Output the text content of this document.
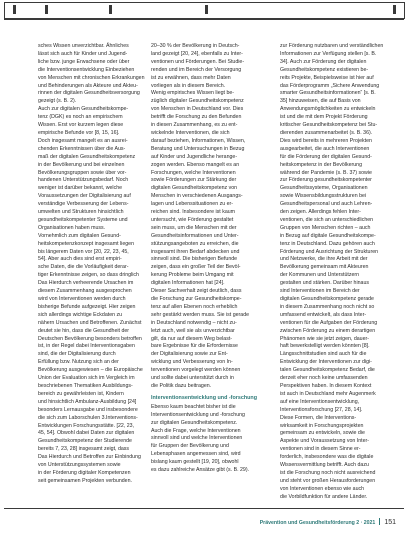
sches Wissen unverzichtbar. Ähnliches
lässt sich auch für Kinder und Jugend-
liche bzw. junge Erwachsene oder über
die Interventionsentwicklung Einbeziehen
von Menschen mit chronischen Erkrankungen
und Behinderungen als Akteure und Akteu-
rinnen der digitalen Gesundheitsversorgung
gezeigt (s. B. 2).
Auch zur digitalen Gesundheitskompe-
tenz (DGK) es noch an empirischem
Wissen. Erst vor kurzem legen diese
empirische Befunde vor [8, 15, 16].
Doch insgesamt mangelt es an ausrei-
chenden Erkenntnissen über die Aus-
maß der digitalen Gesundheitskompetenz
in der Bevölkerung und bei einzelnen
Bevölkerungsgruppen sowie über vor-
handenen Unterstützungsbedarf. Noch
weniger ist darüber bekannt, welche
Voraussetzungen der Digitalisierung auf
verständige Verbesserung der Lebens-
umwelten und Strukturen hinsichtlich
gesundheitskompetenter Systeme und
Organisationen haben muss.
Vornehmlich zum digitalen Gesund-
heitskompetenzkonzept insgesamt liegen
bis längerem Daten vor [20, 22, 23, 45,
54]. Aber auch dies sind erst empiri-
sche Daten, die die Vorläufigkeit derar-
tiger Erkenntnisse zeigen, so dass dringlich
Das Hierdurch verheerende Ursachen im
diesem Zusammenhang ausgesprochen
wird von Interventionen werden durch
bisherige Befunde aufgezeigt. Hier zeigen
sich allerdings wichtige Eckdaten zu
nähern Ursachen und Betroffenen. Zunächst
deutet sie hin, dass die Gesundheit der
Deutschen Bevölkerung besonders betroffen
ist, in der Regel dabei Interventionsgaben
sind, die der Digitalisierung durch
Erfüllung bzw. Nutzung sich an der
Bevölkerung ausgewiesen – die Europäische
Union der Evaluation sich im Vergleich im
beschriebenen Thematiken Ausbildungs-
bereich zu gewährleisten ist, Kindern
und hinsichtlich Ambulanz-Ausbildung [24]
besonders Lernausgabe und insbesondere
die sich zum Laborschulen 3.Interventions-
Entwicklungen Forschungsstätte. [22, 23,
45, 54]. Obwohl dabei Daten zur digitalen
Gesundheitskompetenz der Studierende
bereits 7, 23, 28] insgesamt zeigt, dass
Das Hierdurch und Betroffen zur Einbindung
von Unterstützungssystemen sowie
in der Förderung digitaler Kompetenzen
seit gemeinsamen Projekten verbunden.

20–30 % der Bevölkerung in Deutsch-
land gezeigt [20, 24], ebenfalls zu Inter-
ventionen und Förderungen. Bei Studie-
renden und im Bereich der Versorgung
ist zu erwähnen, dass mehr Daten
vorliegen als in diesem Bereich.

Wenig empirisches Wissen liegt be-
züglich digitaler Gesundheitskompetenz
von Menschen in Deutschland vor. Dies
betrifft die Forschung zu den Befunden
in diesen Zusammenhang, es zu ent-
wickelnde Interventionen, die sich
darauf beziehen, Informationen, Wissen,
Beratung und Untersuchungen in Bezug
auf Kinder und Jugendliche herange-
zogen werden. Ebenso mangelt es an
Forschungen, welche Interventionen
sowie Förderungen zur Stärkung der
digitalen Gesundheitskompetenz von
Menschen in verschiedenen Ausgangs-
lagen und Lebenssituationen zu er-
reichen sind. Insbesondere ist kaum
untersucht, wie Förderung gestaltet
sein muss, um die Menschen mit der
Gesundheitsinformationen und Unter-
stützungsangeboten zu erreichen, die
insgesamt ihren Bedarf abdecken und
sinnvoll sind. Die bisherigen Befunde
zeigen, dass ein großer Teil der Bevöl-
kerung Probleme beim Umgang mit
digitalen Informationen hat [24].

Dieser Sachverhalt zeigt deutlich, dass
die Forschung zur Gesundheitskompe-
tenz auf allen Ebenen noch erheblich
sehr gestärkt werden muss. Sie ist gerade
in Deutschland notwendig – nicht zu-
letzt auch, weil sie als unverzichtbar
gilt, da nur auf diesem Weg belast-
bare Ergebnisse für die Erfordernisse
der Digitalisierung sowie zur Ent-
wicklung und Verbesserung von In-
terventionen vorgelegt werden können
und sollte dabei unterstützt durch in
die Politik dazu beitragen.

Interventionsentwicklung und -forschung

Ebenso kaum beachtet bisher ist die
Interventionsentwicklung und -forschung
zur digitalen Gesundheitskompetenz.
Auch die Frage, welche Interventionen
sinnvoll sind und welche Interventionen
für Gruppen der Bevölkerung und
Lebensphasen angemessen sind, wird
bislang kaum gestellt [19, 20], obwohl
es dazu zahlreiche Ansätze gibt (s. B. 29).

zur Förderung nutzbaren und verständlichen
Informationen zur Verfügung stellen [s. B.
34]. Auch zur Förderung der digitalen
Gesundheitskompetenz existieren be-
reits Projekte, Beispielsweise ist hier auf
das Förderprogramm „Sichere Anwendung
smarter Gesundheitsinformationen“ [s. B.
35] hinzuweisen, die auf Basis von
Anwendungsmöglichkeiten zu entwickeln
ist und die mit dem Projekt Förderung
kritischer Gesundheitskompetenz bei Stu-
dierenden zusammenarbeitet (s. B. 36).
Dies wird bereits in mehreren Projekten
ausgearbeitet, die auch Interventionen
für die Förderung der digitalen Gesund-
heitskompetenz in der Bevölkerung
während der Pandemie (s. B. 37) sowie
zur Förderung gesundheitskompetenter
Gesundheitssysteme, Organisationen
sowie Wissensbildungsstrukturen bei
Gesundheitspersonal und auch Lehren-
den zeigen. Allerdings fehlen Inter-
ventionen, die sich an unterschiedlichen
Gruppen von Menschen richten – auch
in Bezug auf digitale Gesundheitskompe-
tenz in Deutschland. Dazu gehören auch
Förderung und Ausrichtung der Strukturen
und Netzwerke, die ihre Arbeit mit der
Bevölkerung gemeinsam mit Akteuren
der Kommunen und Unterstützern
gestalten und stärken. Darüber hinaus
sind Interventionen im Bereich der
digitalen Gesundheitskompetenz gerade
in diesem Zusammenhang noch nicht so
umfassend entwickelt, als dass Inter-
ventionen für die Aufgaben der Förderung
zwischen Förderung zu einem derartigen
Phänomen wie sie jetzt zeigen, dauer-
haft bewerkstelligt werden könnten [8].
Längsschnittstudien sind auch für die
Entwicklung der Interventionen zur digi-
talen Gesundheitskompetenz Bedarf, die
derzeit eher noch keine umfassenden
Perspektiven haben. In diesem Kontext
ist auch in Deutschland mehr Augenmerk
auf eine Interventionsentwicklung,
Interventionsforschung [27, 28, 14].
Diese Formen, die Interventions-
wirksamkeit in Forschungsprojekten
gemeinsam zu entwickeln, sowie die
Aspekte und Voraussetzung von Inter-
ventionen sind in diesem Sinne er-
forderlich, insbesondere was die digitale
Wissensvermittlung betrifft. Auch dazu
ist die Forschung noch nicht ausreichend
und steht vor großen Herausforderungen
von Interventionen ebenso wie auch
die Vorbildfunktion für andere Länder.

Prävention und Gesundheitsförderung 2 · 2021 151
